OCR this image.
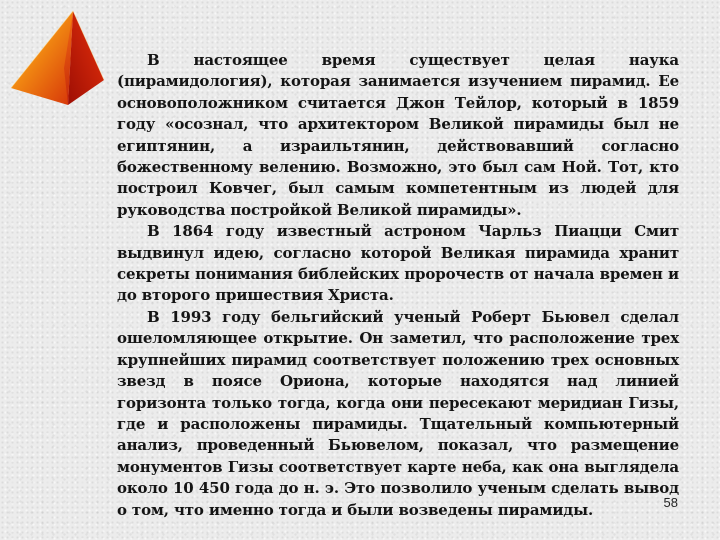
В настоящее время существует целая наука (пирамидология), которая занимается изучением пирамид. Ее основоположником считается Джон Тейлор, который в 1859 году «осознал, что архитектором Великой пирамиды был не египтянин, а израильтянин, действовавший согласно божественному велению. Возможно, это был сам Ной. Тот, кто построил Ковчег, был самым компетентным из людей для руководства постройкой Великой пирамиды».

В 1864 году известный астроном Чарльз Пиацци Смит выдвинул идею, согласно которой Великая пирамида хранит секреты понимания библейских пророчеств от начала времен и до второго пришествия Христа.

В 1993 году бельгийский ученый Роберт Бьювел сделал ошеломляющее открытие. Он заметил, что расположение трех крупнейших пирамид соответствует положению трех основных звезд в поясе Ориона, которые находятся над линией горизонта только тогда, когда они пересекают меридиан Гизы, где и расположены пирамиды. Тщательный компьютерный анализ, проведенный Бьювелом, показал, что размещение монументов Гизы соответствует карте неба, как она выглядела около 10 450 года до н. э. Это позволило ученым сделать вывод о том, что именно тогда и были возведены пирамиды.	58
